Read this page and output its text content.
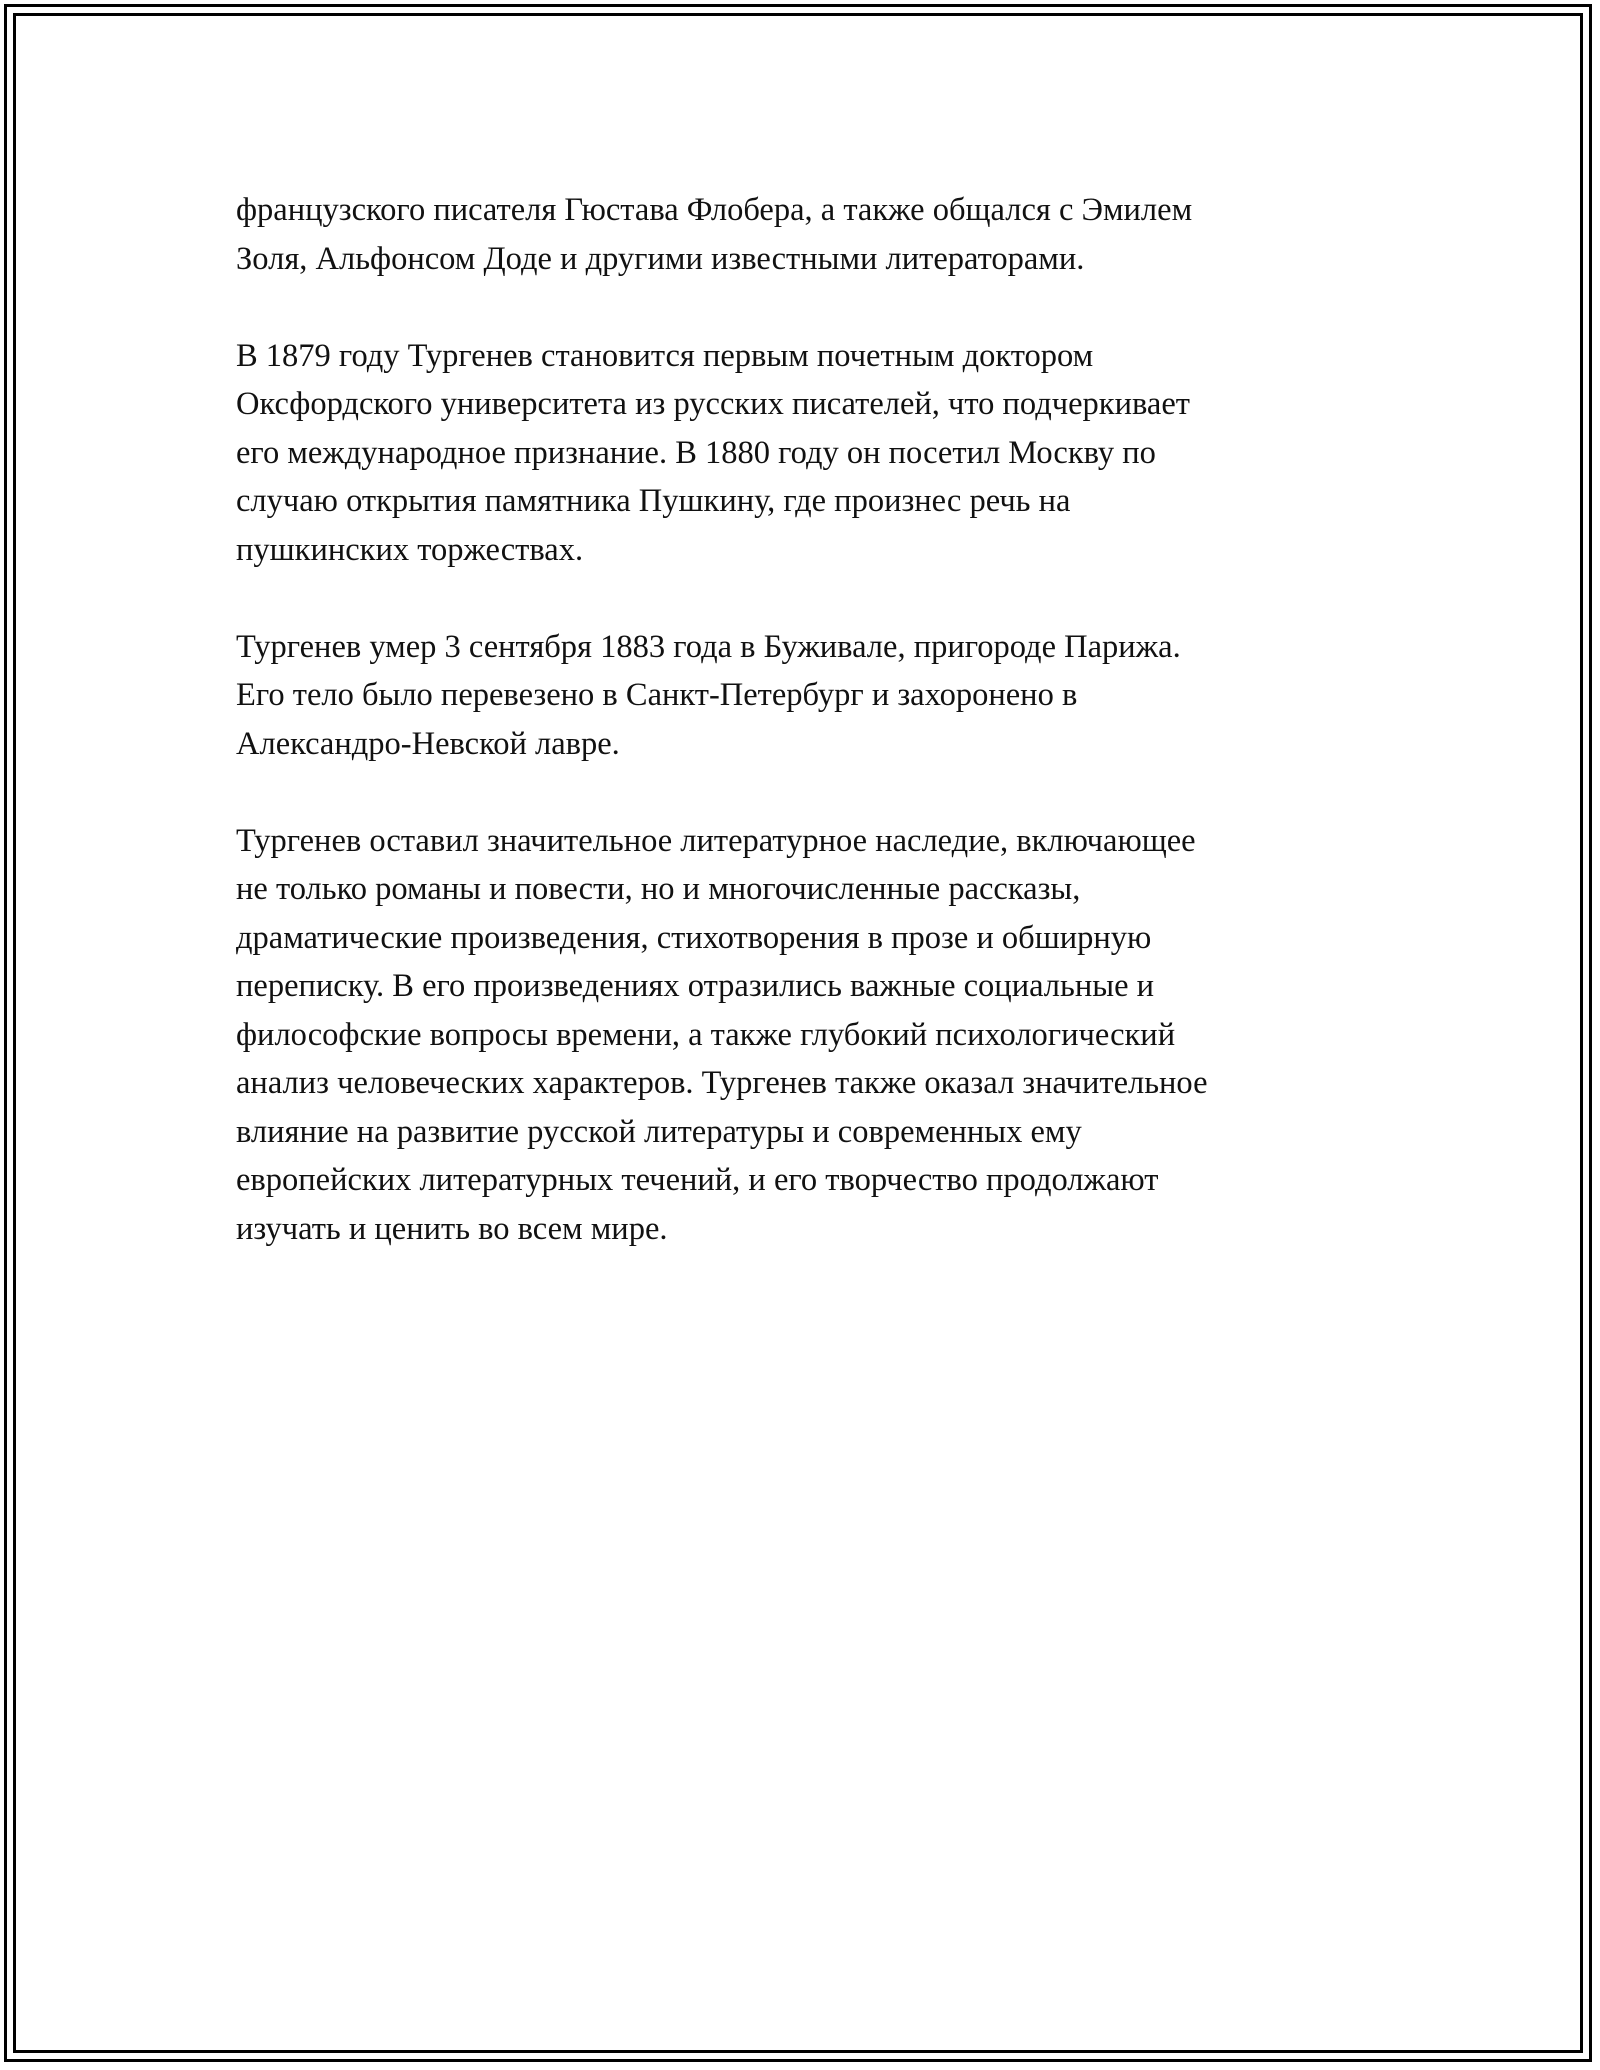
французского писателя Гюстава Флобера, а также общался с Эмилем
Золя, Альфонсом Доде и другими известными литераторами.
В 1879 году Тургенев становится первым почетным доктором
Оксфордского университета из русских писателей, что подчеркивает
его международное признание. В 1880 году он посетил Москву по
случаю открытия памятника Пушкину, где произнес речь на
пушкинских торжествах.
Тургенев умер 3 сентября 1883 года в Буживале, пригороде Парижа.
Его тело было перевезено в Санкт-Петербург и захоронено в
Александро-Невской лавре.
Тургенев оставил значительное литературное наследие, включающее
не только романы и повести, но и многочисленные рассказы,
драматические произведения, стихотворения в прозе и обширную
переписку. В его произведениях отразились важные социальные и
философские вопросы времени, а также глубокий психологический
анализ человеческих характеров. Тургенев также оказал значительное
влияние на развитие русской литературы и современных ему
европейских литературных течений, и его творчество продолжают
изучать и ценить во всем мире.
